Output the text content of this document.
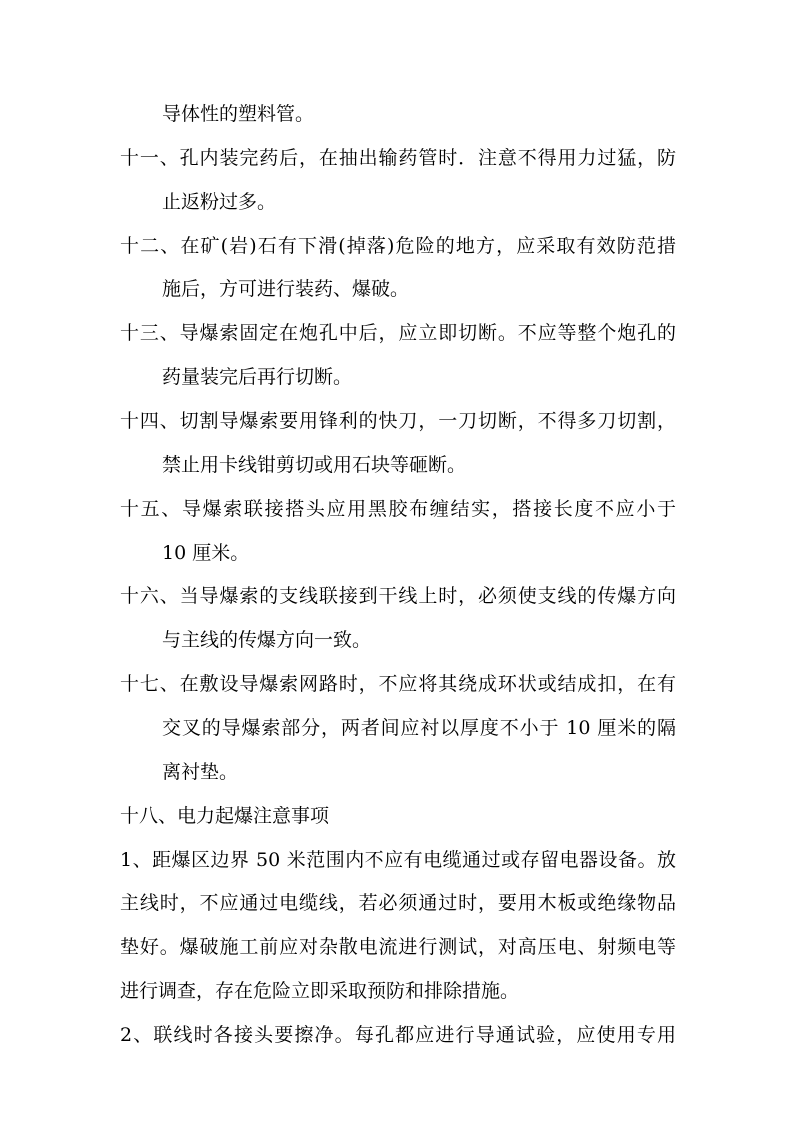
导体性的塑料管。
十一、孔内装完药后，在抽出输药管时．注意不得用力过猛，防
止返粉过多。
十二、在矿(岩)石有下滑(掉落)危险的地方，应采取有效防范措
施后，方可进行装药、爆破。
十三、导爆索固定在炮孔中后，应立即切断。不应等整个炮孔的
药量装完后再行切断。
十四、切割导爆索要用锋利的快刀，一刀切断，不得多刀切割，
禁止用卡线钳剪切或用石块等砸断。
十五、导爆索联接搭头应用黑胶布缠结实，搭接长度不应小于
10 厘米。
十六、当导爆索的支线联接到干线上时，必须使支线的传爆方向
与主线的传爆方向一致。
十七、在敷设导爆索网路时，不应将其绕成环状或结成扣，在有
交叉的导爆索部分，两者间应衬以厚度不小于 10 厘米的隔
离衬垫。
十八、电力起爆注意事项
1、距爆区边界 50 米范围内不应有电缆通过或存留电器设备。放
主线时，不应通过电缆线，若必须通过时，要用木板或绝缘物品
垫好。爆破施工前应对杂散电流进行测试，对高压电、射频电等
进行调查，存在危险立即采取预防和排除措施。
2、联线时各接头要擦净。每孔都应进行导通试验，应使用专用
